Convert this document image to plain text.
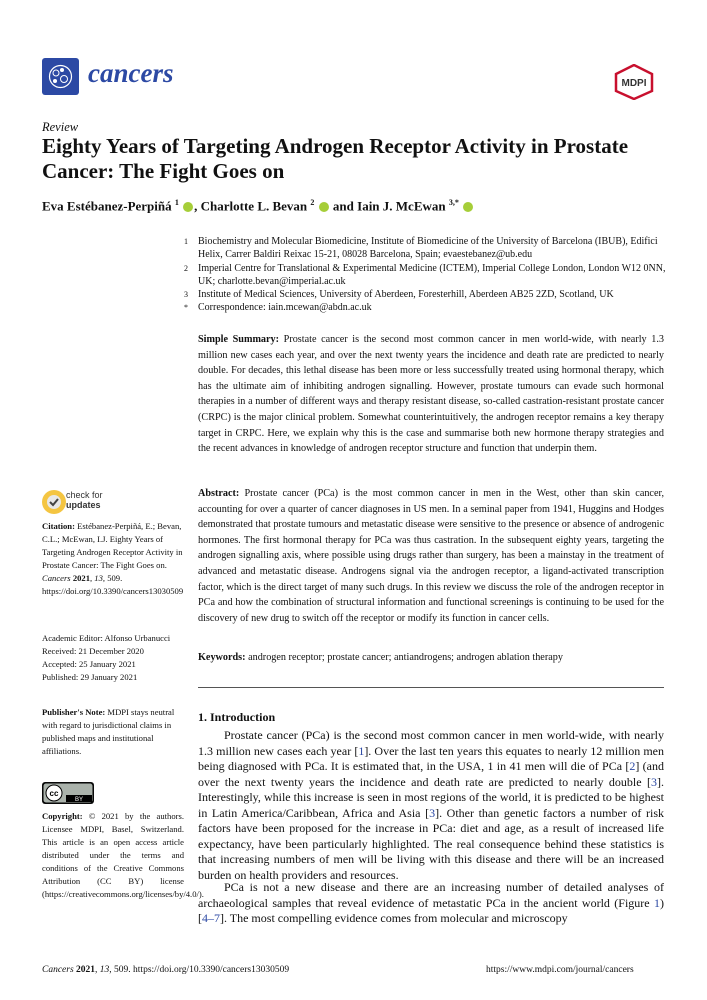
cancers	MDPI
Review
Eighty Years of Targeting Androgen Receptor Activity in Prostate Cancer: The Fight Goes on
Eva Estébanez-Perpiñá $^1$ , Charlotte L. Bevan $^2$ and Iain J. McEwan $^{3,*}$
1 Biochemistry and Molecular Biomedicine, Institute of Biomedicine of the University of Barcelona (IBUB), Edifici Helix, Carrer Baldiri Reixac 15-21, 08028 Barcelona, Spain; evaestebanez@ub.edu
2 Imperial Centre for Translational & Experimental Medicine (ICTEM), Imperial College London, London W12 0NN, UK; charlotte.bevan@imperial.ac.uk
3 Institute of Medical Sciences, University of Aberdeen, Foresterhill, Aberdeen AB25 2ZD, Scotland, UK
* Correspondence: iain.mcewan@abdn.ac.uk
Simple Summary: Prostate cancer is the second most common cancer in men world-wide, with nearly 1.3 million new cases each year, and over the next twenty years the incidence and death rate are predicted to nearly double. For decades, this lethal disease has been more or less successfully treated using hormonal therapy, which has the ultimate aim of inhibiting androgen signalling. However, prostate tumours can evade such hormonal therapies in a number of different ways and therapy resistant disease, so-called castration-resistant prostate cancer (CRPC) is the major clinical problem. Somewhat counterintuitively, the androgen receptor remains a key therapy target in CRPC. Here, we explain why this is the case and summarise both new hormone therapy strategies and the recent advances in knowledge of androgen receptor structure and function that underpin them.
Abstract: Prostate cancer (PCa) is the most common cancer in men in the West, other than skin cancer, accounting for over a quarter of cancer diagnoses in US men. In a seminal paper from 1941, Huggins and Hodges demonstrated that prostate tumours and metastatic disease were sensitive to the presence or absence of androgenic hormones. The first hormonal therapy for PCa was thus castration. In the subsequent eighty years, targeting the androgen signalling axis, where possible using drugs rather than surgery, has been a mainstay in the treatment of advanced and metastatic disease. Androgens signal via the androgen receptor, a ligand-activated transcription factor, which is the direct target of many such drugs. In this review we discuss the role of the androgen receptor in PCa and how the combination of structural information and functional screenings is continuing to be used for the discovery of new drug to switch off the receptor or modify its function in cancer cells.
Keywords: androgen receptor; prostate cancer; antiandrogens; androgen ablation therapy
1. Introduction
Prostate cancer (PCa) is the second most common cancer in men world-wide, with nearly 1.3 million new cases each year [1]. Over the last ten years this equates to nearly 12 million men being diagnosed with PCa. It is estimated that, in the USA, 1 in 41 men will die of PCa [2] (and over the next twenty years the incidence and death rate are predicted to nearly double [3]. Interestingly, while this increase is seen in most regions of the world, it is predicted to be highest in Latin America/Caribbean, Africa and Asia [3]. Other than genetic factors a number of risk factors have been proposed for the increase in PCa: diet and age, as a result of increased life expectancy, have been particularly highlighted. The real consequence behind these statistics is that increasing numbers of men will be living with this disease and there will be an increased burden on health providers and resources.
PCa is not a new disease and there are an increasing number of detailed analyses of archaeological samples that reveal evidence of metastatic PCa in the ancient world (Figure 1) [4–7]. The most compelling evidence comes from molecular and microscopy
check for
updates
Citation: Estébanez-Perpiñá, E.; Bevan, C.L.; McEwan, I.J. Eighty Years of Targeting Androgen Receptor Activity in Prostate Cancer: The Fight Goes on. Cancers 2021, 13, 509. https://doi.org/10.3390/cancers13030509
Academic Editor: Alfonso Urbanucci
Received: 21 December 2020
Accepted: 25 January 2021
Published: 29 January 2021
Publisher's Note: MDPI stays neutral with regard to jurisdictional claims in published maps and institutional affiliations.
cc
BY
Copyright: © 2021 by the authors. Licensee MDPI, Basel, Switzerland. This article is an open access article distributed under the terms and conditions of the Creative Commons Attribution (CC BY) license (https://creativecommons.org/licenses/by/4.0/).
Cancers 2021, 13, 509. https://doi.org/10.3390/cancers13030509	https://www.mdpi.com/journal/cancers
